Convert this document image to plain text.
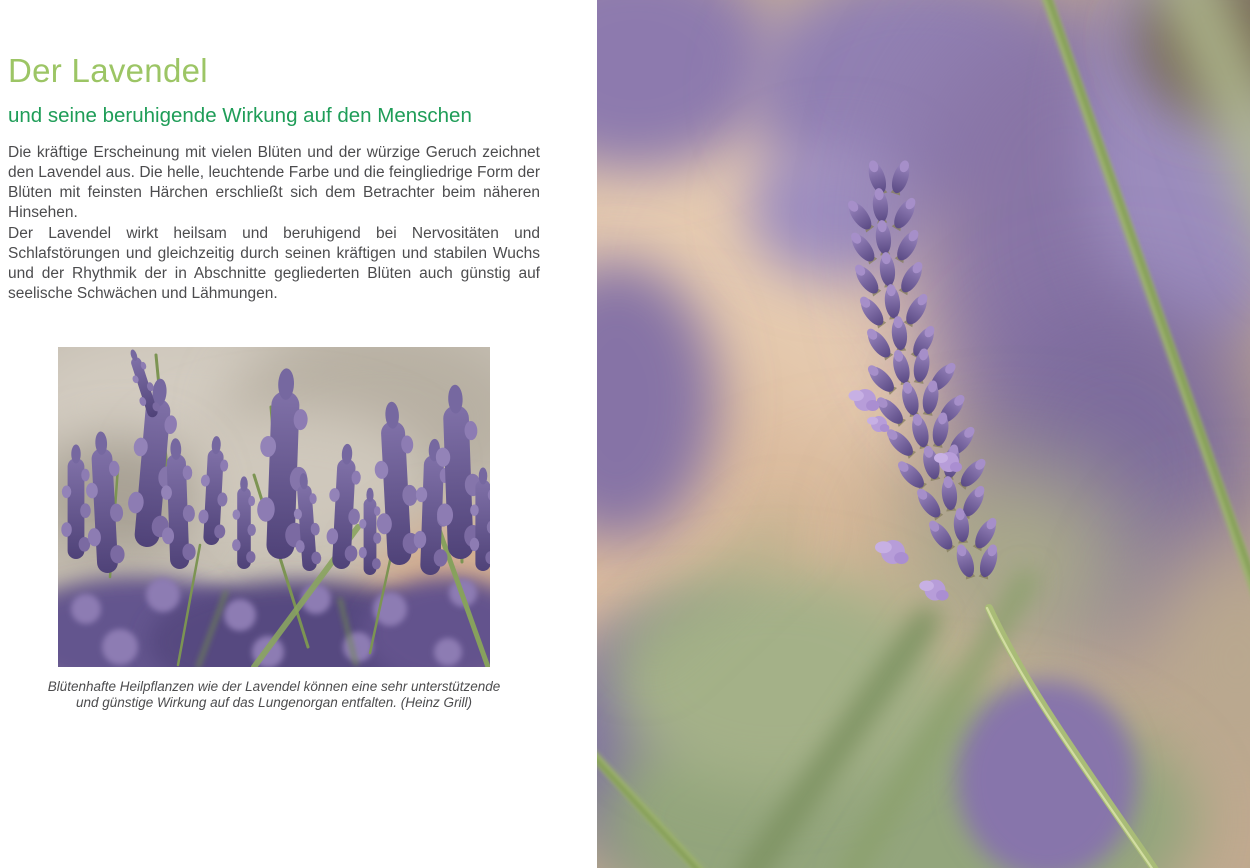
Der Lavendel
und seine beruhigende Wirkung auf den Menschen

Die kräftige Erscheinung mit vielen Blüten und der würzige Geruch zeichnet den Lavendel aus. Die helle, leuchtende Farbe und die feingliedrige Form der Blüten mit feinsten Härchen erschließt sich dem Betrachter beim näheren Hinsehen.

Der Lavendel wirkt heilsam und beruhigend bei Nervositäten und Schlafstörungen und gleichzeitig durch seinen kräftigen und stabilen Wuchs und der Rhythmik der in Abschnitte gegliederten Blüten auch günstig auf seelische Schwächen und Lähmungen.

Blütenhafte Heilpflanzen wie der Lavendel können eine sehr unterstützende
und günstige Wirkung auf das Lungenorgan entfalten. (Heinz Grill)
